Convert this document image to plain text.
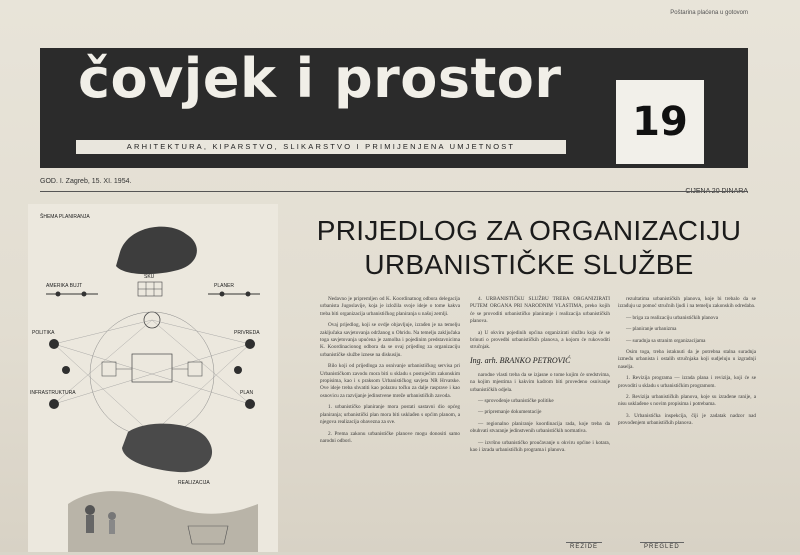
Poštarina plaćena u gotovom
čovjek i prostor
ARHITEKTURA, KIPARSTVO, SLIKARSTVO I PRIMIJENJENA UMJETNOST
19
GOD. I. Zagreb, 15. XI. 1954.
ŠHEMA PLANIRANJA
SKU
AMERIKA BUJT	PLANER
POLITIKA	PRIVREDA
INFRASTRUKTURA	PLAN
REALIZACIJA
PRIJEDLOG ZA ORGANIZACIJU
URBANISTIČKE SLUŽBE

Nedavno je pripremljen od K. Koordinatnog odbora delegacija urbanista Jugoslavije, koja je izložila svoje ideje o tome kakva treba biti organizacija urbanističkog planiranja u našoj zemlji.

Ovaj prijedlog, koji se ovdje objavljuje, izrađen je na temelju zaključaka savjetovanja održanog u Ohridu. Na temelju zaključaka toga savjetovanja upućena je zamolba i pojedinim predstavnicima K. Koordinacionog odbora da se ovaj prijedlog za organizaciju urbanističke službe iznese na diskusiju.

Bilo koji od prijedloga za osnivanje urbanističkog servisa pri Urbanističkom zavodu mora biti u skladu s postojećim zakonskim propisima, kao i s praksom Urbanističkog savjeta NR Hrvatske. Ove ideje treba shvatiti kao polaznu točku za dalje rasprave i kao osnovicu za razvijanje jedinstvene mreže urbanističkih zavoda.

1. urbanističko planiranje mora postati sastavni dio općeg planiranja; urbanistički plan mora biti usklađen s općim planom, a njegova realizacija obavezna za sve.

2. Prema zakonu urbanističke planove mogu donositi samo narodni odbori.

4. URBANISTIČKU SLUŽBU TREBA ORGANIZIRATI PUTEM ORGANA PRI NARODNIM VLASTIMA, preko kojih će se provoditi urbanističko planiranje i realizacija urbanističkih planova.

a) U okviru pojedinih općina organizirati službu koja će se brinuti o provedbi urbanističkih planova, a kojom će rukovoditi stručnjak.

Ing. arh. BRANKO PETROVIĆ

narodne vlasti treba da se izjasne o tome kojim će sredstvima, na kojim mjestima i kakvim kadrom biti provedeno osnivanje urbanističkih odjela.

— sprovođenje urbanističke politike

— pripremanje dokumentacije

— regionalno planiranje koordinacija rada, koje treba da obuhvati stvaranje jedinstvenih urbanističkih normativa.

— izvršno urbanističko proučavanje u okviru općine i kotara, kao i izrada urbanističkih programa i planova.

rezultatima urbanističkih planova, koje bi trebalo da se izrađuju uz pomoć stručnih ljudi i na temelju zakonskih odredaba.

— briga za realizaciju urbanističkih planova

— planiranje urbanizma

— suradnja sa stranim organizacijama

Osim toga, treba istaknuti da je potrebna stalna suradnja između urbanista i ostalih stručnjaka koji sudjeluju u izgradnji naselja.

1. Revizija programa — izrada plana i revizija, koji će se provoditi u skladu s urbanističkim programom.

2. Revizija urbanističkih planova, koje su izrađene ranije, a nisu usklađene s novim propisima i potrebama.

3. Urbanistička inspekcija, čiji je zadatak nadzor nad provođenjem urbanističkih planova.

REZIDE	PREGLED
